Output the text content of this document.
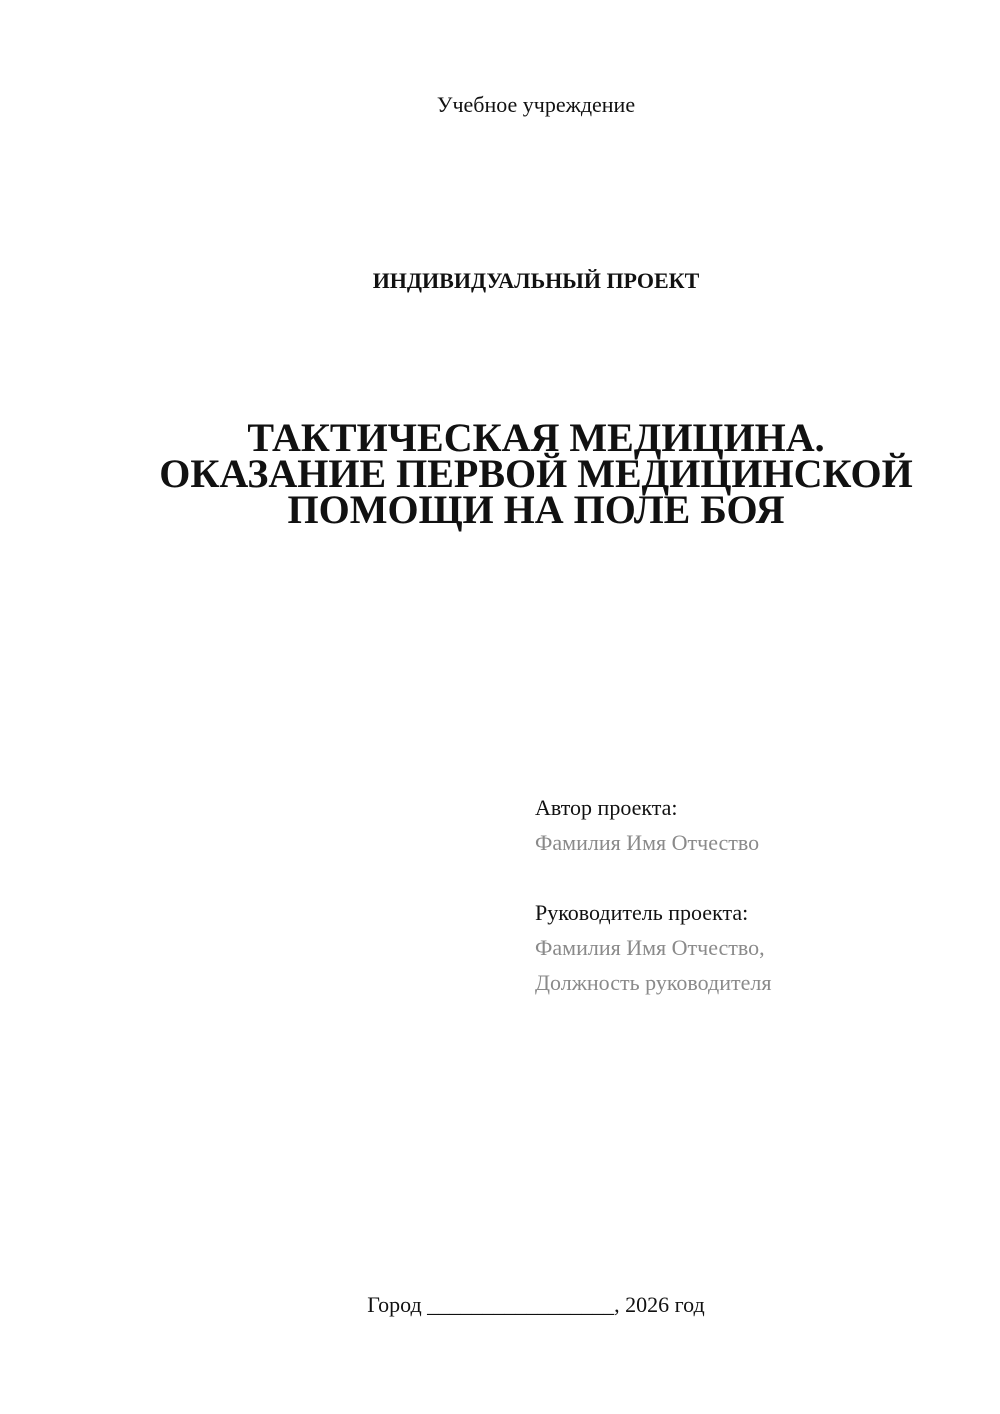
Учебное учреждение
ИНДИВИДУАЛЬНЫЙ ПРОЕКТ
ТАКТИЧЕСКАЯ МЕДИЦИНА.
ОКАЗАНИЕ ПЕРВОЙ МЕДИЦИНСКОЙ
ПОМОЩИ НА ПОЛЕ БОЯ
Автор проекта:
Фамилия Имя Отчество
Руководитель проекта:
Фамилия Имя Отчество,
Должность руководителя
Город _________________, 2026 год
